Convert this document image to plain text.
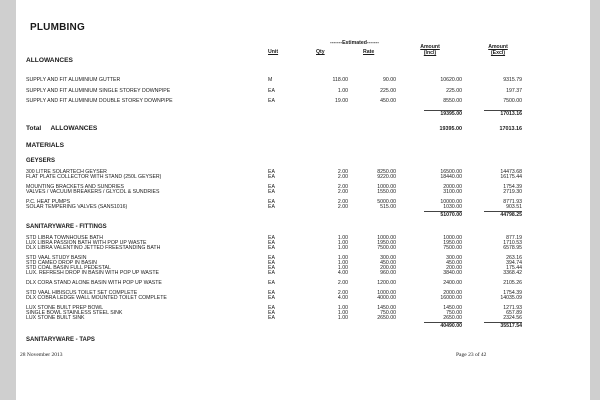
PLUMBING
-------Estimated-------
Unit	Qty	Rate
Amount
(Incl)
Amount
(Excl)
ALLOWANCES
SUPPLY AND FIT ALUMINIUM GUTTER	M	118.00	90.00	10620.00	9315.79
SUPPLY AND FIT ALUMINIUM SINGLE STOREY DOWNPIPE	EA	1.00	225.00	225.00	197.37
SUPPLY AND FIT ALUMINIUM DOUBLE STOREY DOWNPIPE	EA	19.00	450.00	8550.00	7500.00
19395.00	17013.16
Total ALLOWANCES	19395.00	17013.16
MATERIALS
GEYSERS
300 LITRE SOLARTECH GEYSER	EA	2.00	8250.00	16500.00	14473.68
FLAT PLATE COLLECTOR WITH STAND (250L GEYSER)	EA	2.00	9220.00	18440.00	16175.44
MOUNTING BRACKETS AND SUNDRIES	EA	2.00	1000.00	2000.00	1754.39
VALVES / VACUUM BREAKERS / GLYCOL & SUNDRIES	EA	2.00	1550.00	3100.00	2719.30
P.C. HEAT PUMPS	EA	2.00	5000.00	10000.00	8771.93
SOLAR TEMPERING VALVES (SANS1016)	EA	2.00	515.00	1030.00	903.51
51070.00	44798.25
SANITARYWARE - FITTINGS
STD LIBRA TOWNHOUSE BATH	EA	1.00	1000.00	1000.00	877.19
LUX LIBRA PASSION BATH WITH POP UP WASTE	EA	1.00	1950.00	1950.00	1710.53
DLX LIBRA VALENTINO JETTED FREESTANDING BATH	EA	1.00	7500.00	7500.00	6578.95
STD VAAL STUDY BASIN	EA	1.00	300.00	300.00	263.16
STD CAMEO DROP IN BASIN	EA	1.00	450.00	450.00	394.74
STD COAL BASIN FULL PEDESTAL	EA	1.00	200.00	200.00	175.44
LUX. REFRESH DROP IN BASIN WITH POP UP WASTE	EA	4.00	960.00	3840.00	3368.42
DLX CORA STAND ALONE BASIN WITH POP UP WASTE	EA	2.00	1200.00	2400.00	2105.26
STD VAAL HIBISCUS TOILET SET COMPLETE	EA	2.00	1000.00	2000.00	1754.39
DLX COBRA LEDGE WALL MOUNTED TOILET COMPLETE	EA	4.00	4000.00	16000.00	14035.09
LUX STONE BUILT PREP BOWL	EA	1.00	1450.00	1450.00	1271.93
SINGLE BOWL STAINLESS STEEL SINK	EA	1.00	750.00	750.00	657.89
LUX STONE BUILT SINK	EA	1.00	2650.00	2650.00	2324.56
40490.00	35517.54
SANITARYWARE - TAPS
28 November 2013	Page 23 of 42
